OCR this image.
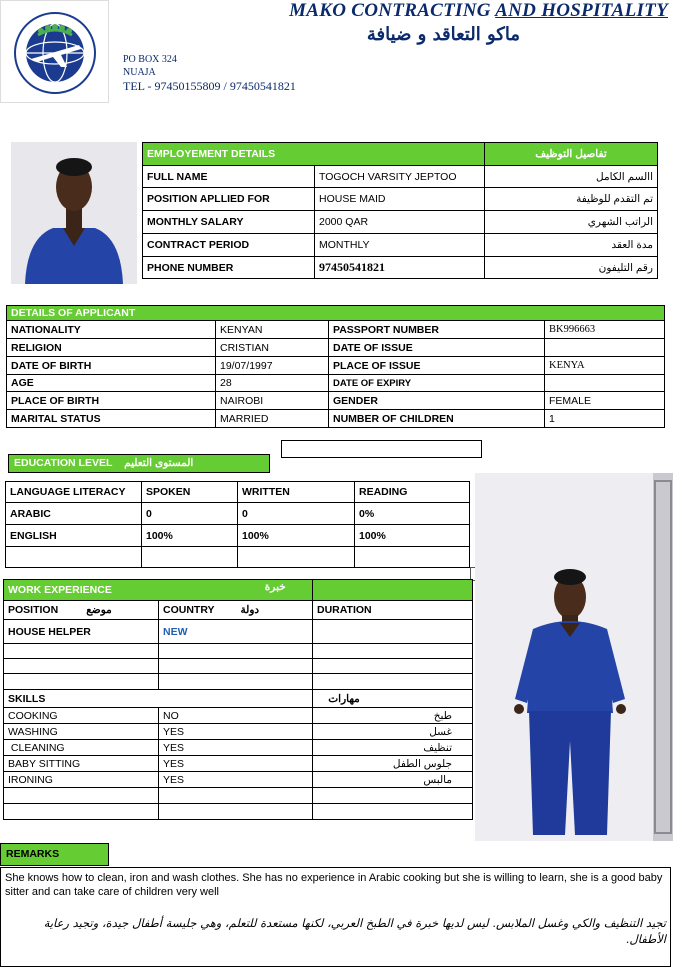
MAKO CONTRACTING AND HOSPITALITY
ماكو التعاقد و ضيافة
PO BOX 324
NUAJA
TEL - 97450155809 / 97450541821
EMPLOYEMENT DETAILS		تفاصيل التوظيف
FULL NAME	TOGOCH VARSITY JEPTOO	االسم الكامل
POSITION APLLIED FOR	HOUSE MAID	تم التقدم للوظيفة
MONTHLY SALARY	2000 QAR	الراتب الشهري
CONTRACT PERIOD	MONTHLY	مدة العقد
PHONE NUMBER	97450541821	رقم التليفون
DETAILS OF APPLICANT			
NATIONALITY	KENYAN	PASSPORT NUMBER	BK996663
RELIGION	CRISTIAN	DATE OF ISSUE	
DATE OF BIRTH	19/07/1997	PLACE OF ISSUE	KENYA
AGE	28	DATE OF EXPIRY	
PLACE OF BIRTH	NAIROBI	GENDER	FEMALE
MARITAL STATUS	MARRIED	NUMBER OF CHILDREN	1
EDUCATION LEVEL المستوى التعليم
LANGUAGE LITERACY	SPOKEN	WRITTEN	READING
ARABIC	0	0	0%
ENGLISH	100%	100%	100%

WORK EXPERIENCE خبرة		
POSITION موضع	COUNTRY دولة	DURATION
HOUSE HELPER	NEW	

SKILLS مهارات		
COOKING	NO	طبخ
WASHING	YES	غسل
CLEANING	YES	تنظيف
BABY SITTING	YES	جلوس الطفل
IRONING	YES	مالبس

REMARKS
She knows how to clean, iron and wash clothes. She has no experience in Arabic cooking but she is willing to learn, she is a good baby sitter and can take care of children very well
تجيد التنظيف والكي وغسل الملابس. ليس لديها خبرة في الطبخ العربي، لكنها مستعدة للتعلم، وهي جليسة أطفال جيدة، وتجيد رعاية الأطفال.
